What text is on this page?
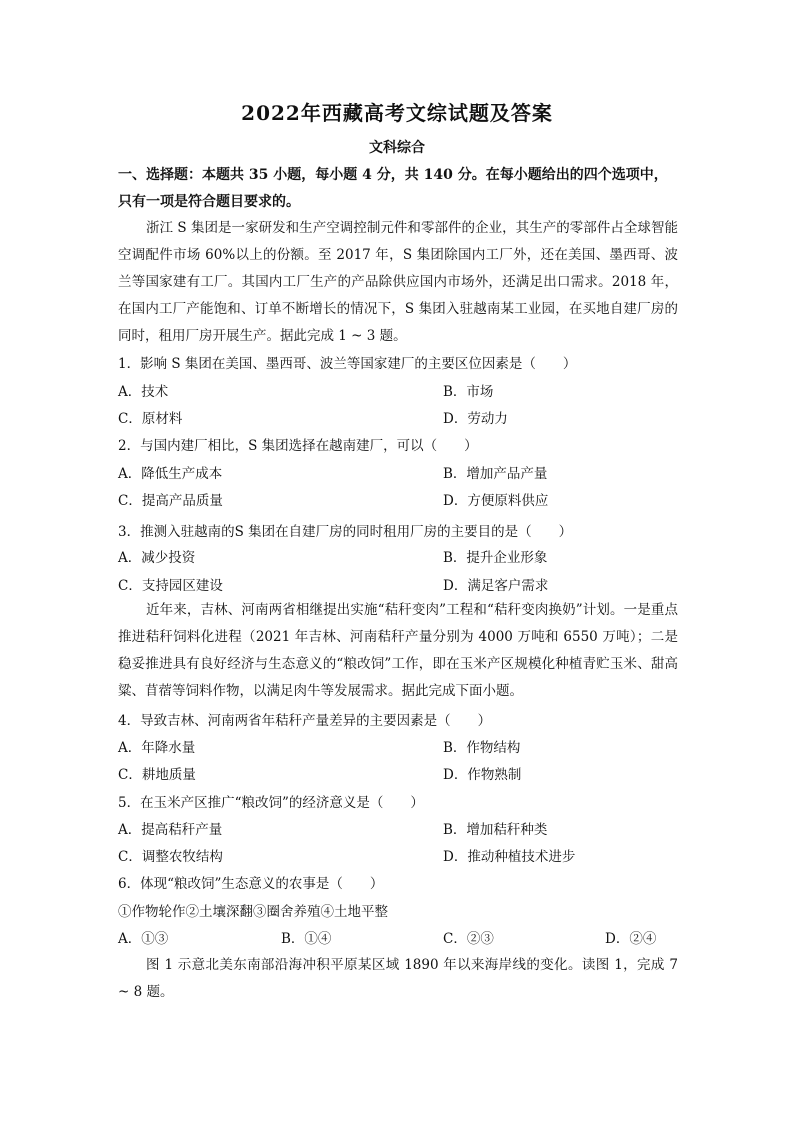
2022年西藏高考文综试题及答案
文科综合
一、选择题：本题共 35 小题，每小题 4 分，共 140 分。在每小题给出的四个选项中，只有一项是符合题目要求的。
浙江 S 集团是一家研发和生产空调控制元件和零部件的企业，其生产的零部件占全球智能空调配件市场 60%以上的份额。至 2017 年，S 集团除国内工厂外，还在美国、墨西哥、波兰等国家建有工厂。其国内工厂生产的产品除供应国内市场外，还满足出口需求。2018 年，在国内工厂产能饱和、订单不断增长的情况下，S 集团入驻越南某工业园，在买地自建厂房的同时，租用厂房开展生产。据此完成 1 ~ 3 题。
1．影响 S 集团在美国、墨西哥、波兰等国家建厂的主要区位因素是（　　）
A．技术	B．市场
C．原材料	D．劳动力
2．与国内建厂相比，S 集团选择在越南建厂，可以（　　）
A．降低生产成本	B．增加产品产量
C．提高产品质量	D．方便原料供应
3．推测入驻越南的S 集团在自建厂房的同时租用厂房的主要目的是（　　）
A．减少投资	B．提升企业形象
C．支持园区建设	D．满足客户需求
近年来，吉林、河南两省相继提出实施“秸秆变肉”工程和“秸秆变肉换奶”计划。一是重点推进秸秆饲料化进程（2021 年吉林、河南秸秆产量分别为 4000 万吨和 6550 万吨）；二是稳妥推进具有良好经济与生态意义的“粮改饲”工作，即在玉米产区规模化种植青贮玉米、甜高粱、苜蓿等饲料作物，以满足肉牛等发展需求。据此完成下面小题。
4．导致吉林、河南两省年秸秆产量差异的主要因素是（　　）
A．年降水量	B．作物结构
C．耕地质量	D．作物熟制
5．在玉米产区推广“粮改饲”的经济意义是（　　）
A．提高秸秆产量	B．增加秸秆种类
C．调整农牧结构	D．推动种植技术进步
6．体现“粮改饲”生态意义的农事是（　　）
①作物轮作②土壤深翻③圈舍养殖④土地平整
A．①③	B．①④	C．②③	D．②④
图 1 示意北美东南部沿海冲积平原某区域 1890 年以来海岸线的变化。读图 1，完成 7 ~ 8 题。
